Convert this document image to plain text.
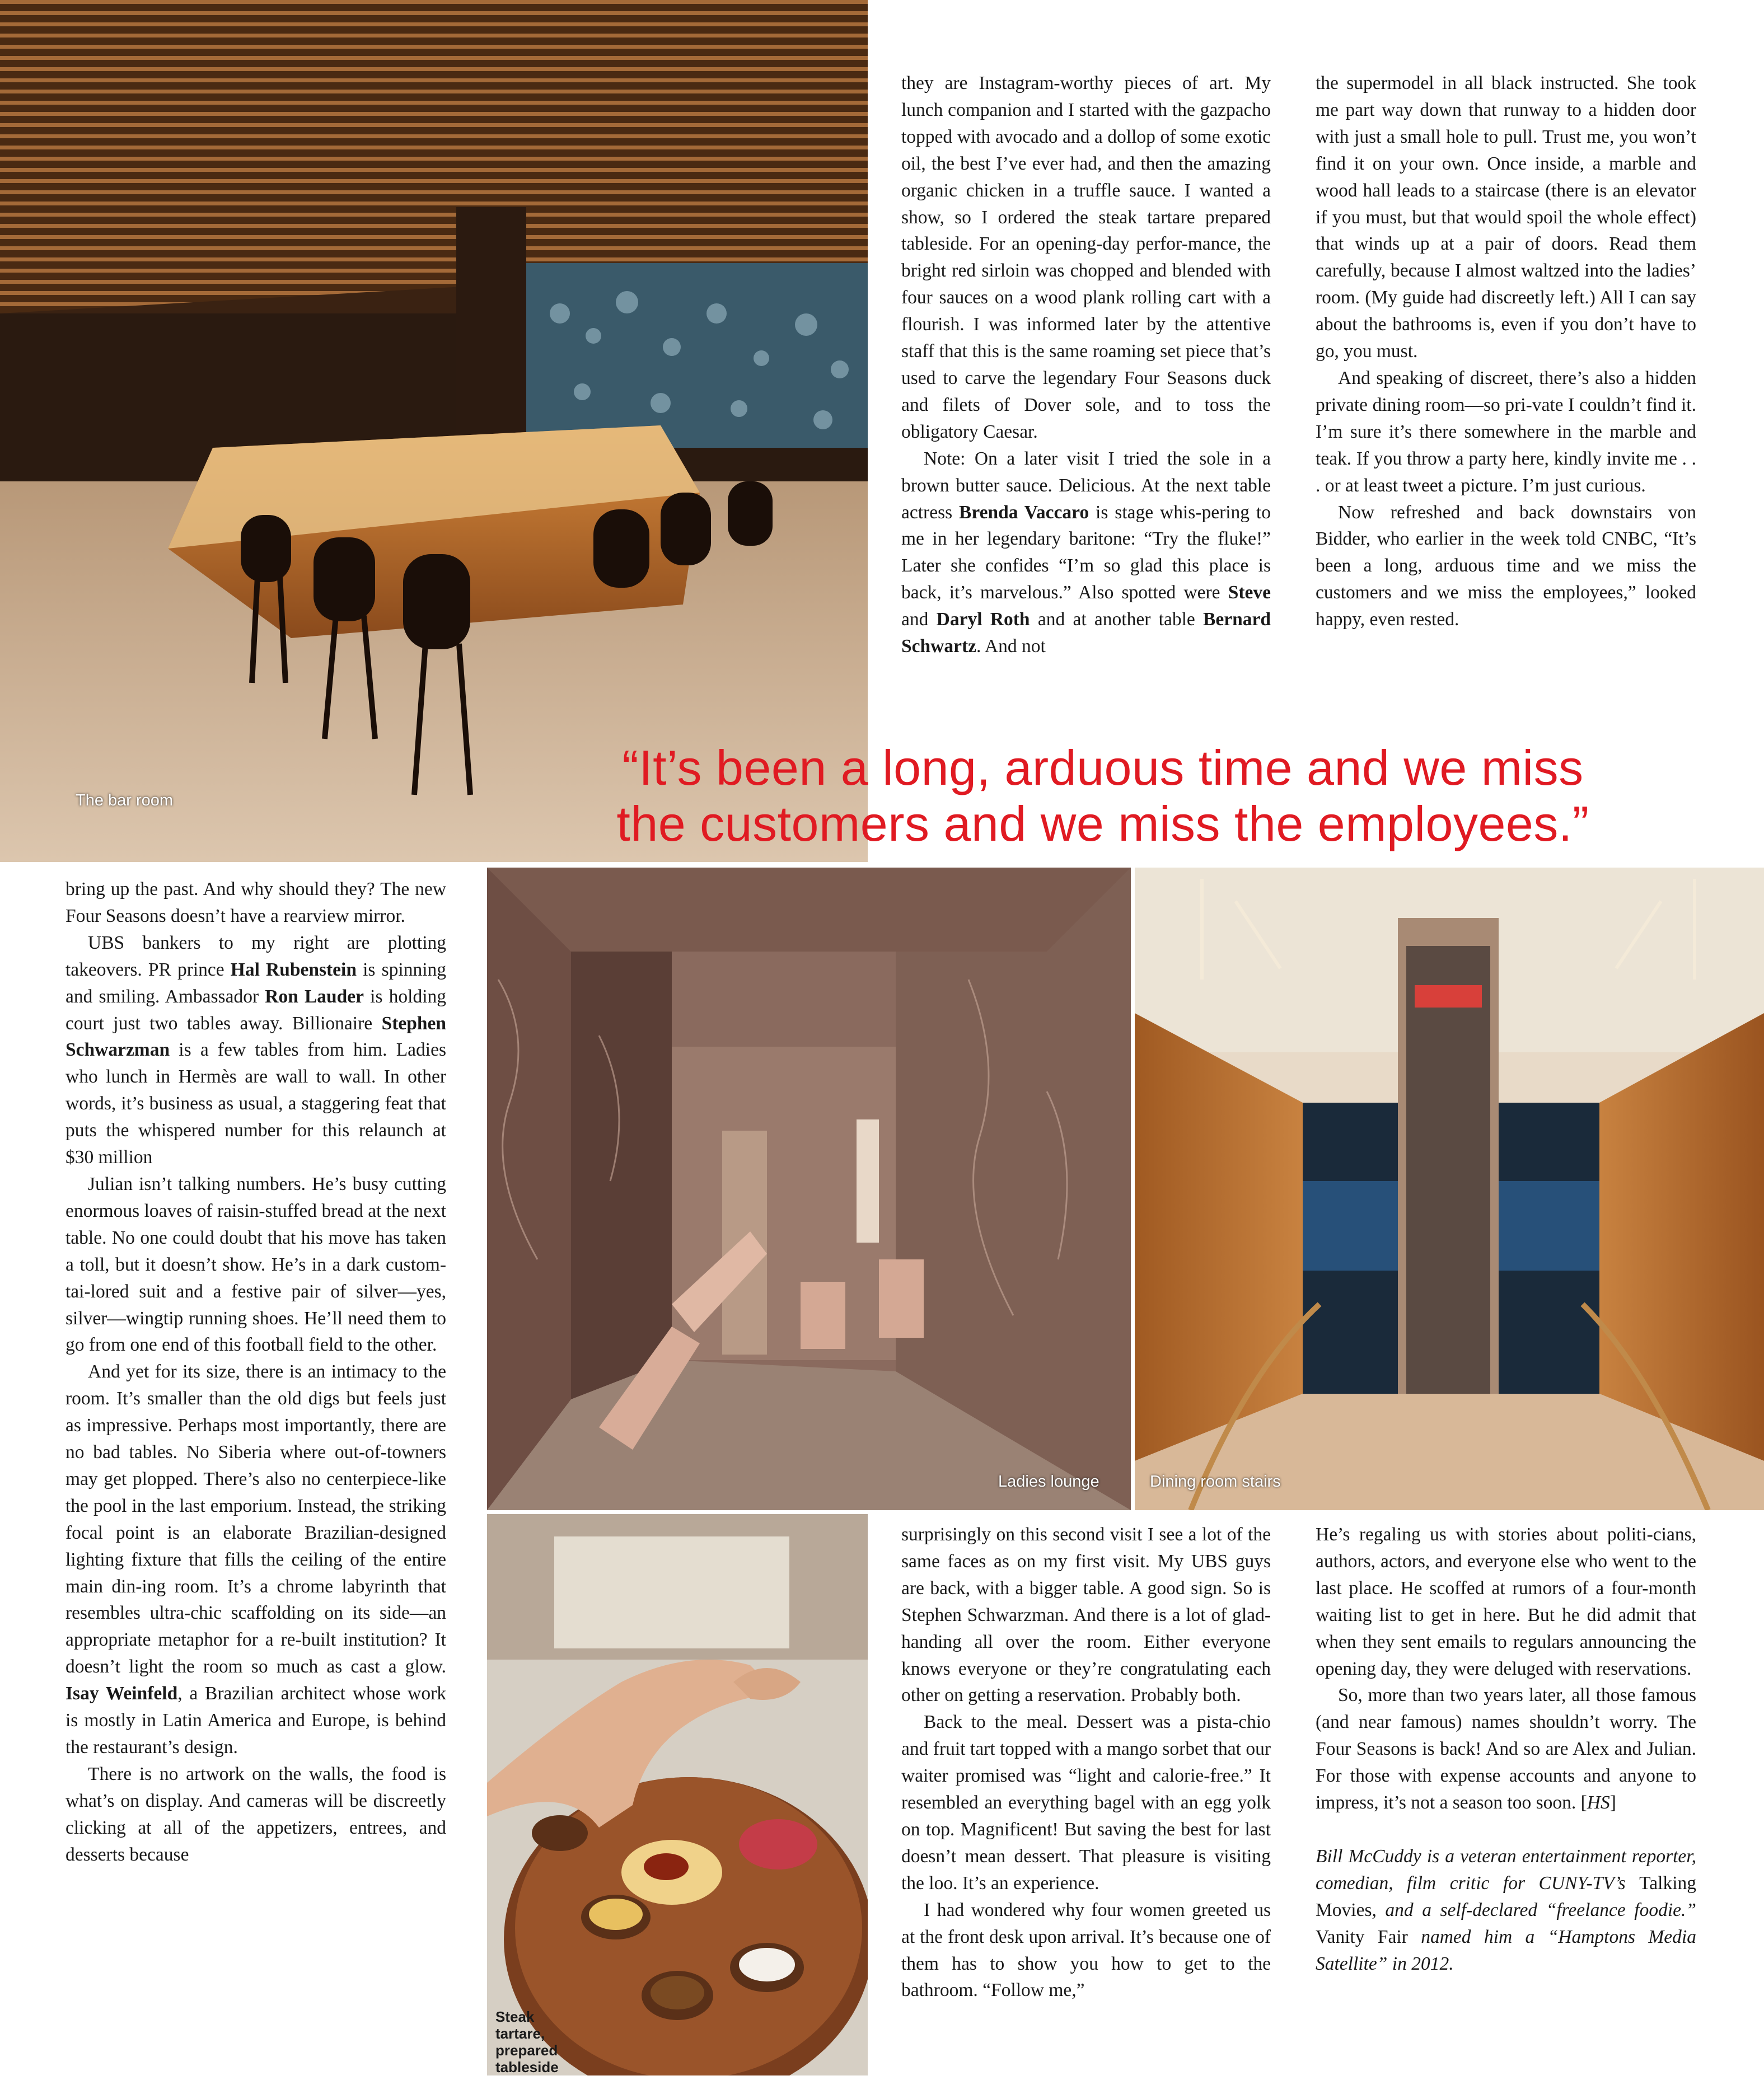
The bar room
Ladies lounge	Dining room stairs
Steak tartare, prepared tableside
“It’s been a long, arduous time and we miss
the customers and we miss the employees.”

they are Instagram-worthy pieces of art. My lunch companion and I started with the gazpacho topped with avocado and a dollop of some exotic oil, the best I’ve ever had, and then the amazing organic chicken in a truffle sauce. I wanted a show, so I ordered the steak tartare prepared tableside. For an opening-day perfor-mance, the bright red sirloin was chopped and blended with four sauces on a wood plank rolling cart with a flourish. I was informed later by the attentive staff that this is the same roaming set piece that’s used to carve the legendary Four Seasons duck and filets of Dover sole, and to toss the obligatory Caesar.

Note: On a later visit I tried the sole in a brown butter sauce. Delicious. At the next table actress Brenda Vaccaro is stage whis-pering to me in her legendary baritone: “Try the fluke!” Later she confides “I’m so glad this place is back, it’s marvelous.” Also spotted were Steve and Daryl Roth and at another table Bernard Schwartz. And not

the supermodel in all black instructed. She took me part way down that runway to a hidden door with just a small hole to pull. Trust me, you won’t find it on your own. Once inside, a marble and wood hall leads to a staircase (there is an elevator if you must, but that would spoil the whole effect) that winds up at a pair of doors. Read them carefully, because I almost waltzed into the ladies’ room. (My guide had discreetly left.) All I can say about the bathrooms is, even if you don’t have to go, you must.

And speaking of discreet, there’s also a hidden private dining room—so pri-vate I couldn’t find it. I’m sure it’s there somewhere in the marble and teak. If you throw a party here, kindly invite me . . . or at least tweet a picture. I’m just curious.

Now refreshed and back downstairs von Bidder, who earlier in the week told CNBC, “It’s been a long, arduous time and we miss the customers and we miss the employees,” looked happy, even rested.

bring up the past. And why should they? The new Four Seasons doesn’t have a rearview mirror.

UBS bankers to my right are plotting takeovers. PR prince Hal Rubenstein is spinning and smiling. Ambassador Ron Lauder is holding court just two tables away. Billionaire Stephen Schwarzman is a few tables from him. Ladies who lunch in Hermès are wall to wall. In other words, it’s business as usual, a staggering feat that puts the whispered number for this relaunch at $30 million

Julian isn’t talking numbers. He’s busy cutting enormous loaves of raisin-stuffed bread at the next table. No one could doubt that his move has taken a toll, but it doesn’t show. He’s in a dark custom-tai-lored suit and a festive pair of silver—yes, silver—wingtip running shoes. He’ll need them to go from one end of this football field to the other.

And yet for its size, there is an intimacy to the room. It’s smaller than the old digs but feels just as impressive. Perhaps most importantly, there are no bad tables. No Siberia where out-of-towners may get plopped. There’s also no centerpiece-like the pool in the last emporium. Instead, the striking focal point is an elaborate Brazilian-designed lighting fixture that fills the ceiling of the entire main din-ing room. It’s a chrome labyrinth that resembles ultra-chic scaffolding on its side—an appropriate metaphor for a re-built institution? It doesn’t light the room so much as cast a glow. Isay Weinfeld, a Brazilian architect whose work is mostly in Latin America and Europe, is behind the restaurant’s design.

There is no artwork on the walls, the food is what’s on display. And cameras will be discreetly clicking at all of the appetizers, entrees, and desserts because

surprisingly on this second visit I see a lot of the same faces as on my first visit. My UBS guys are back, with a bigger table. A good sign. So is Stephen Schwarzman. And there is a lot of glad-handing all over the room. Either everyone knows everyone or they’re congratulating each other on getting a reservation. Probably both.

Back to the meal. Dessert was a pista-chio and fruit tart topped with a mango sorbet that our waiter promised was “light and calorie-free.” It resembled an everything bagel with an egg yolk on top. Magnificent! But saving the best for last doesn’t mean dessert. That pleasure is visiting the loo. It’s an experience.

I had wondered why four women greeted us at the front desk upon arrival. It’s because one of them has to show you how to get to the bathroom. “Follow me,”

He’s regaling us with stories about politi-cians, authors, actors, and everyone else who went to the last place. He scoffed at rumors of a four-month waiting list to get in here. But he did admit that when they sent emails to regulars announcing the opening day, they were deluged with reservations.

So, more than two years later, all those famous (and near famous) names shouldn’t worry. The Four Seasons is back! And so are Alex and Julian. For those with expense accounts and anyone to impress, it’s not a season too soon. [HS]

Bill McCuddy is a veteran entertainment reporter, comedian, film critic for CUNY-TV’s Talking Movies, and a self-declared “freelance foodie.” Vanity Fair named him a “Hamptons Media Satellite” in 2012.
